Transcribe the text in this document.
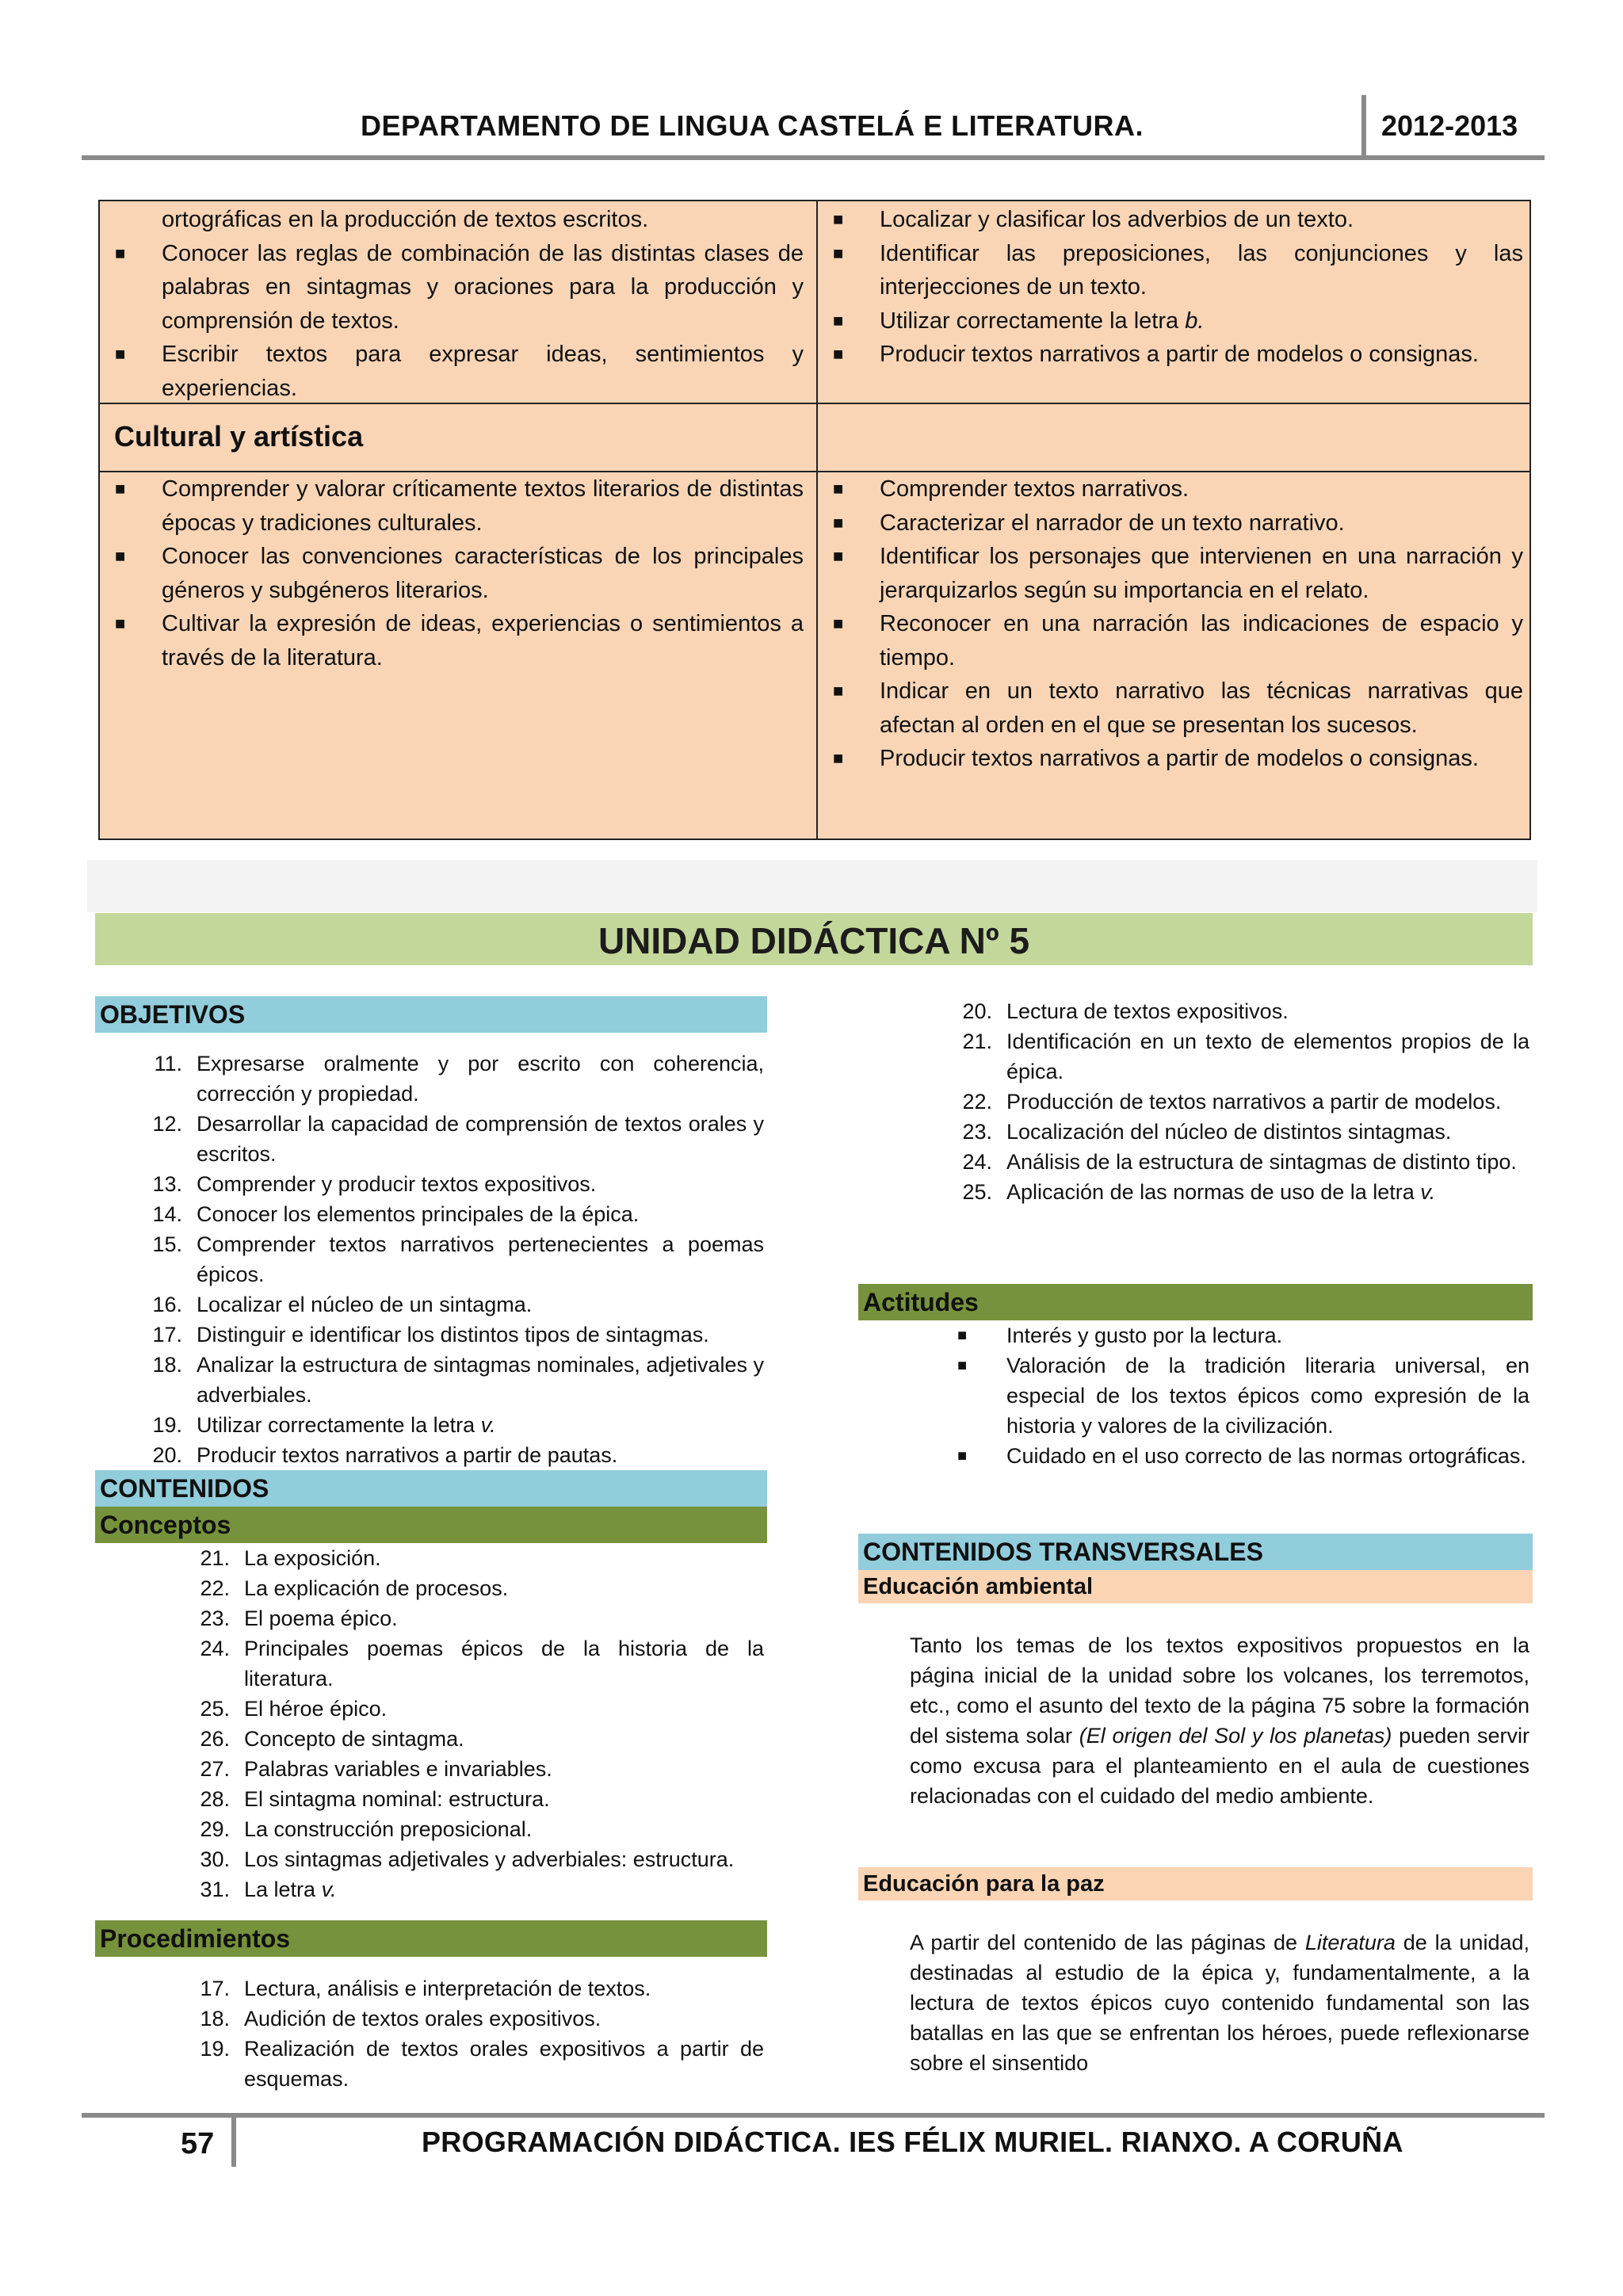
DEPARTAMENTO DE LINGUA CASTELÁ E LITERATURA.	2012-2013
ortográficas en la producción de textos escritos.
■ Conocer las reglas de combinación de las distintas clases de palabras en sintagmas y oraciones para la producción y comprensión de textos.
■ Escribir textos para expresar ideas, sentimientos y experiencias.
■ Localizar y clasificar los adverbios de un texto.
■ Identificar las preposiciones, las conjunciones y las interjecciones de un texto.
■ Utilizar correctamente la letra b.
■ Producir textos narrativos a partir de modelos o consignas.
Cultural y artística
■ Comprender y valorar críticamente textos literarios de distintas épocas y tradiciones culturales.
■ Conocer las convenciones características de los principales géneros y subgéneros literarios.
■ Cultivar la expresión de ideas, experiencias o sentimientos a través de la literatura.
■ Comprender textos narrativos.
■ Caracterizar el narrador de un texto narrativo.
■ Identificar los personajes que intervienen en una narración y jerarquizarlos según su importancia en el relato.
■ Reconocer en una narración las indicaciones de espacio y tiempo.
■ Indicar en un texto narrativo las técnicas narrativas que afectan al orden en el que se presentan los sucesos.
■ Producir textos narrativos a partir de modelos o consignas.
UNIDAD DIDÁCTICA Nº 5
OBJETIVOS
11. Expresarse oralmente y por escrito con coherencia, corrección y propiedad.
12. Desarrollar la capacidad de comprensión de textos orales y escritos.
13. Comprender y producir textos expositivos.
14. Conocer los elementos principales de la épica.
15. Comprender textos narrativos pertenecientes a poemas épicos.
16. Localizar el núcleo de un sintagma.
17. Distinguir e identificar los distintos tipos de sintagmas.
18. Analizar la estructura de sintagmas nominales, adjetivales y adverbiales.
19. Utilizar correctamente la letra v.
20. Producir textos narrativos a partir de pautas.
CONTENIDOS
Conceptos
21. La exposición.
22. La explicación de procesos.
23. El poema épico.
24. Principales poemas épicos de la historia de la literatura.
25. El héroe épico.
26. Concepto de sintagma.
27. Palabras variables e invariables.
28. El sintagma nominal: estructura.
29. La construcción preposicional.
30. Los sintagmas adjetivales y adverbiales: estructura.
31. La letra v.
Procedimientos
17. Lectura, análisis e interpretación de textos.
18. Audición de textos orales expositivos.
19. Realización de textos orales expositivos a partir de esquemas.
20. Lectura de textos expositivos.
21. Identificación en un texto de elementos propios de la épica.
22. Producción de textos narrativos a partir de modelos.
23. Localización del núcleo de distintos sintagmas.
24. Análisis de la estructura de sintagmas de distinto tipo.
25. Aplicación de las normas de uso de la letra v.
Actitudes
■ Interés y gusto por la lectura.
■ Valoración de la tradición literaria universal, en especial de los textos épicos como expresión de la historia y valores de la civilización.
■ Cuidado en el uso correcto de las normas ortográficas.
CONTENIDOS TRANSVERSALES
Educación ambiental
Tanto los temas de los textos expositivos propuestos en la página inicial de la unidad sobre los volcanes, los terremotos, etc., como el asunto del texto de la página 75 sobre la formación del sistema solar (El origen del Sol y los planetas) pueden servir como excusa para el planteamiento en el aula de cuestiones relacionadas con el cuidado del medio ambiente.
Educación para la paz
A partir del contenido de las páginas de Literatura de la unidad, destinadas al estudio de la épica y, fundamentalmente, a la lectura de textos épicos cuyo contenido fundamental son las batallas en las que se enfrentan los héroes, puede reflexionarse sobre el sinsentido
57	PROGRAMACIÓN DIDÁCTICA. IES FÉLIX MURIEL. RIANXO. A CORUÑA
